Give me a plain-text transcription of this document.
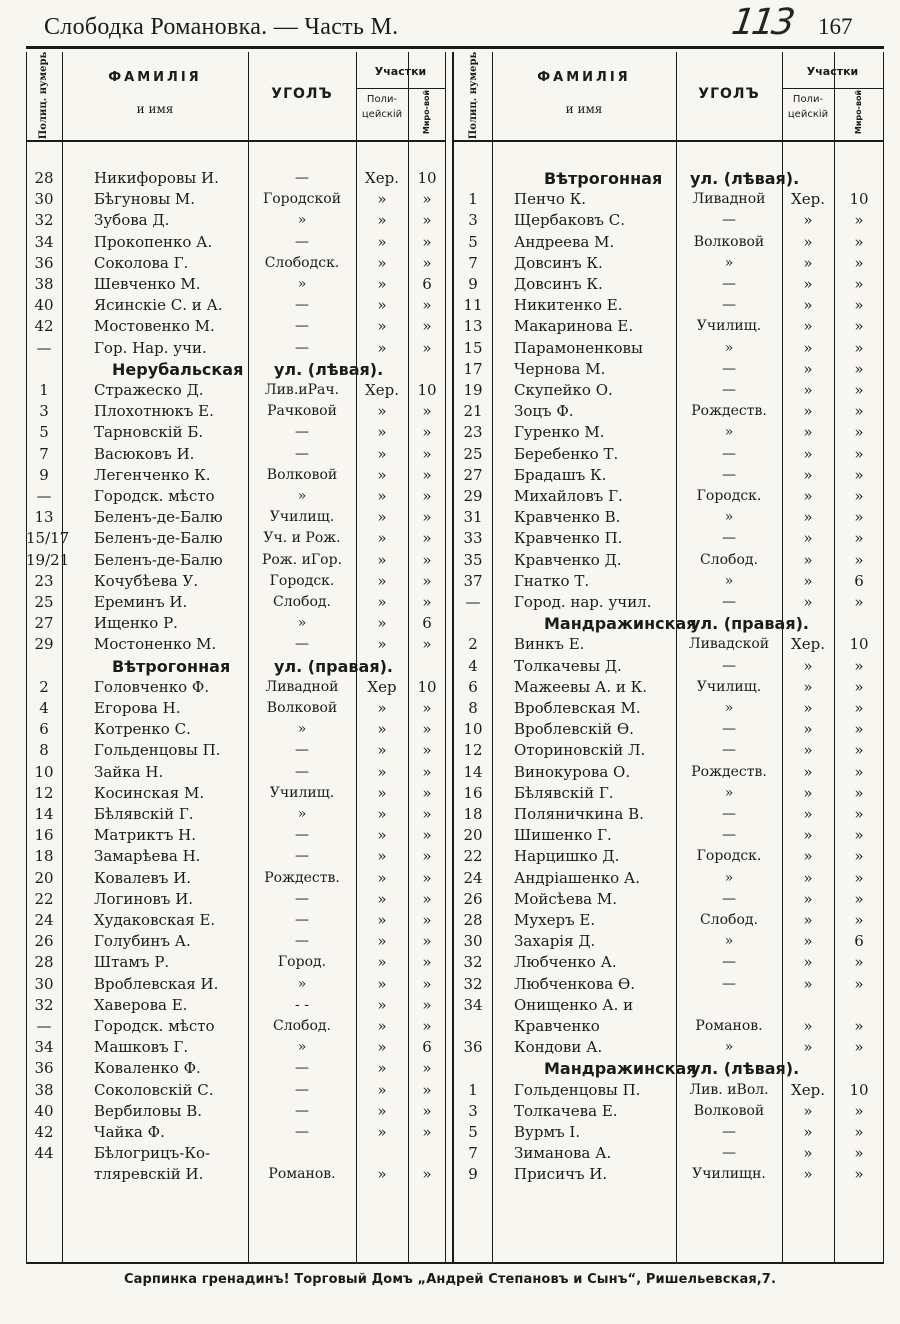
Слободка Романовка. — Часть M.	113 167
Полиц. нумерь	ФАМИЛІЯ
и имя
УГОЛЪ
Участки
Поли-цейскій	Миро-вой
28	Никифоровы И.	—	Хер.	10
30	Бѣгуновы М.	Городской	»	»
32	Зубова Д.	»	»	»
34	Прокопенко А.	—	»	»
36	Соколова Г.	Слободск.	»	»
38	Шевченко М.	»	»	6
40	Ясинскіе С. и А.	—	»	»
42	Мостовенко М.	—	»	»
—	Гор. Нар. учи.	—	»	»
Нерубальская ул. (лѣвая).
1	Стражеско Д.	Лив.иРач.	Хер.	10
3	Плохотнюкъ Е.	Рачковой	»	»
5	Тарновскій Б.	—	»	»
7	Васюковъ И.	—	»	»
9	Легенченко К.	Волковой	»	»
—	Городск. мѣсто	»	»	»
13	Беленъ-де-Балю	Училищ.	»	»
15/17 Беленъ-де-Балю	Уч. и Рож.	»	»
19/21 Беленъ-де-Балю	Рож. иГор.	»	»
23	Кочубѣева У.	Городск.	»	»
25	Ереминъ И.	Слобод.	»	»
27	Ищенко Р.	»	»	6
29	Мостоненко М.	—	»	»
Вѣтрогонная	ул. (правая).
2	Головченко Ф.	Ливадной	Хер	10
4	Егорова Н.	Волковой	»	»
6	Котренко С.	»	»	»
8	Гольденцовы П.	—	»	»
10	Зайка Н.	—	»	»
12	Косинская М.	Училищ.	»	»
14	Бѣлявскій Г.	»	»	»
16	Матриктъ Н.	—	»	»
18	Замарѣева Н.	—	»	»
20	Ковалевъ И.	Рождеств.	»	»
22	Логиновъ И.	—	»	»
24	Худаковская Е.	—	»	»
26	Голубинъ А.	—	»	»
28	Штамъ Р.	Город.	»	»
30	Вроблевская И.	»	»	»
32	Хаверова Е.	- -	»	»
—	Городск. мѣсто	Слобод.	»	»
34	Машковъ Г.	»	»	6
36	Коваленко Ф.	—	»	»
38	Соколовскій С.	—	»	»
40	Вербиловы В.	—	»	»
42	Чайка Ф.	—	»	»
44	Бѣлогрицъ-Ко-
тляревскій И.	Романов.	»	»
Полиц. нумерь	ФАМИЛІЯ
и имя
УГОЛЪ
Участки
Поли-цейскій	Миро-вой
Вѣтрогонная ул. (лѣвая).
1	Пенчо К.	Ливадной	Хер.	10
3	Щербаковъ С.	—	»	»
5	Андреева М.	Волковой	»	»
7	Довсинъ К.	»	»	»
9	Довсинъ К.	—	»	»
11	Никитенко Е.	—	»	»
13	Макаринова Е.	Училищ.	»	»
15	Парамоненковы	»	»	»
17	Чернова М.	—	»	»
19	Скупейко О.	—	»	»
21	Зоцъ Ф.	Рождеств.	»	»
23	Гуренко М.	»	»	»
25	Беребенко Т.	—	»	»
27	Брадашъ К.	—	»	»
29	Михайловъ Г.	Городск.	»	»
31	Кравченко В.	»	»	»
33	Кравченко П.	—	»	»
35	Кравченко Д.	Слобод.	»	»
37	Гнатко Т.	»	»	6
—	Город. нар. учил.	—	»	»
Мандражинская
ул. (правая).
2	Винкъ Е.	Ливадской	Хер.	10
4	Толкачевы Д.	—	»	»
6	Мажеевы А. и К.	Училищ.	»	»
8	Вроблевская М.	»	»	»
10	Вроблевскій Ѳ.	—	»	»
12	Оториновскій Л.	—	»	»
14	Винокурова О.	Рождеств.	»	»
16	Бѣлявскій Г.	»	»	»
18	Поляничкина В.	—	»	»
20	Шишенко Г.	—	»	»
22	Нарцишко Д.	Городск.	»	»
24	Андріашенко А.	»	»	»
26	Мойсѣева М.	—	»	»
28	Мухеръ Е.	Слобод.	»	»
30	Захарія Д.	»	»	6
32	Любченко А.	—	»	»
32	Любченкова Ѳ.	—	»	»
34	Онищенко А. и
Кравченко	Романов.	»	»
36	Кондови А.	»	»	»
Мандражинская
ул. (лѣвая).
1	Гольденцовы П.	Лив. иВол.	Хер.	10
3	Толкачева Е.	Волковой	»	»
5	Вурмъ I.	—	»	»
7	Зиманова А.	—	»	»
9	Присичъ И.	Училищн.	»	»
Сарпинка гренадинъ! Торговый Домъ „Андрей Степановъ и Сынъ“, Ришельевская,7.
